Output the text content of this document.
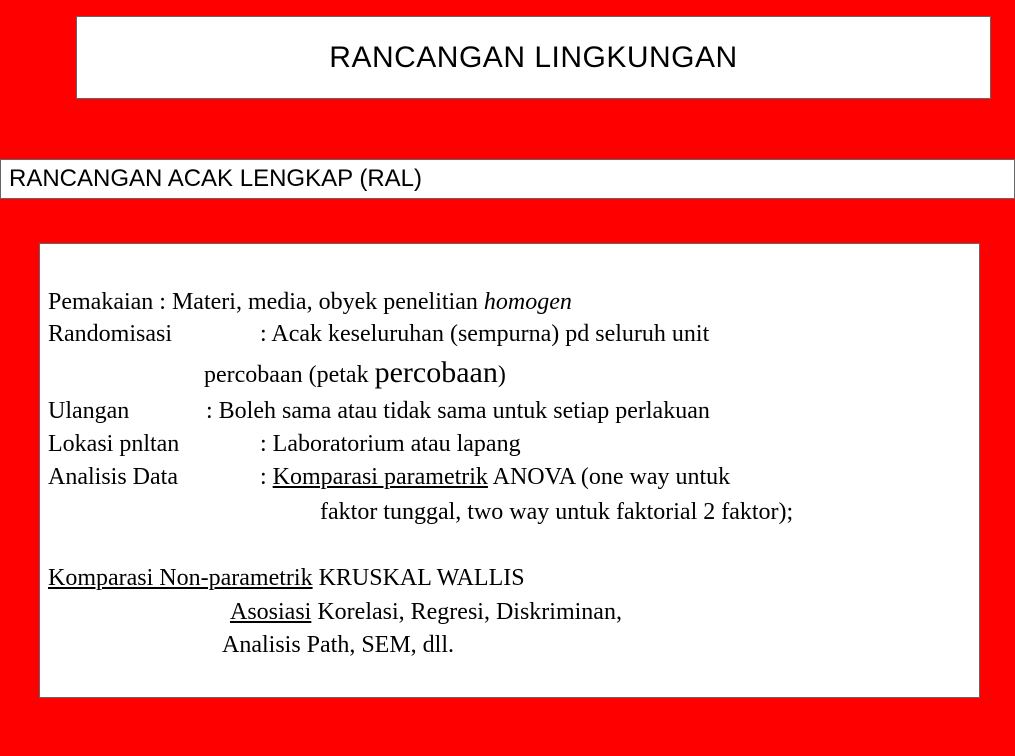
RANCANGAN LINGKUNGAN
RANCANGAN ACAK LENGKAP (RAL)
Pemakaian : Materi, media, obyek penelitian homogen
Randomisasi	: Acak keseluruhan (sempurna) pd seluruh unit
percobaan (petak percobaan)
Ulangan	: Boleh sama atau tidak sama untuk setiap perlakuan
Lokasi pnltan	: Laboratorium atau lapang
Analisis Data	: Komparasi parametrik ANOVA (one way untuk
faktor tunggal, two way untuk faktorial 2 faktor);
Komparasi Non-parametrik KRUSKAL WALLIS
Asosiasi Korelasi, Regresi, Diskriminan,
Analisis Path, SEM, dll.
